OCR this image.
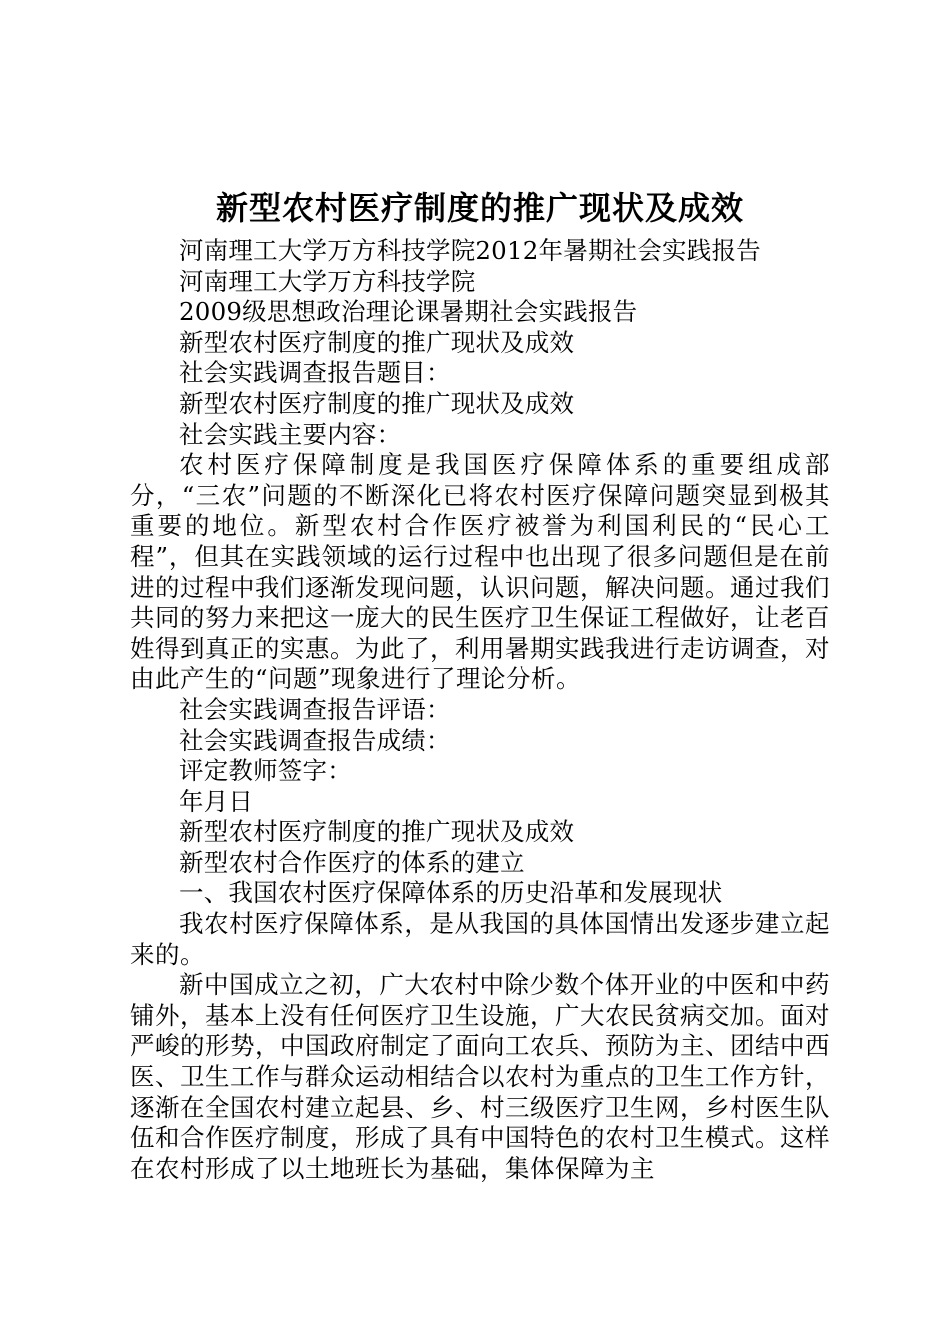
新型农村医疗制度的推广现状及成效

河南理工大学万方科技学院2012年暑期社会实践报告

河南理工大学万方科技学院

2009级思想政治理论课暑期社会实践报告

新型农村医疗制度的推广现状及成效

社会实践调查报告题目：

新型农村医疗制度的推广现状及成效

社会实践主要内容：

农村医疗保障制度是我国医疗保障体系的重要组成部分，“三农”问题的不断深化已将农村医疗保障问题突显到极其重要的地位。新型农村合作医疗被誉为利国利民的“民心工程”，但其在实践领域的运行过程中也出现了很多问题但是在前进的过程中我们逐渐发现问题，认识问题，解决问题。通过我们共同的努力来把这一庞大的民生医疗卫生保证工程做好，让老百姓得到真正的实惠。为此了，利用暑期实践我进行走访调查，对由此产生的“问题”现象进行了理论分析。

社会实践调查报告评语：

社会实践调查报告成绩：

评定教师签字：

年月日

新型农村医疗制度的推广现状及成效

新型农村合作医疗的体系的建立

一、我国农村医疗保障体系的历史沿革和发展现状

我农村医疗保障体系，是从我国的具体国情出发逐步建立起来的。

新中国成立之初，广大农村中除少数个体开业的中医和中药铺外，基本上没有任何医疗卫生设施，广大农民贫病交加。面对严峻的形势，中国政府制定了面向工农兵、预防为主、团结中西医、卫生工作与群众运动相结合以农村为重点的卫生工作方针，逐渐在全国农村建立起县、乡、村三级医疗卫生网，乡村医生队伍和合作医疗制度，形成了具有中国特色的农村卫生模式。这样在农村形成了以土地班长为基础，集体保障为主
